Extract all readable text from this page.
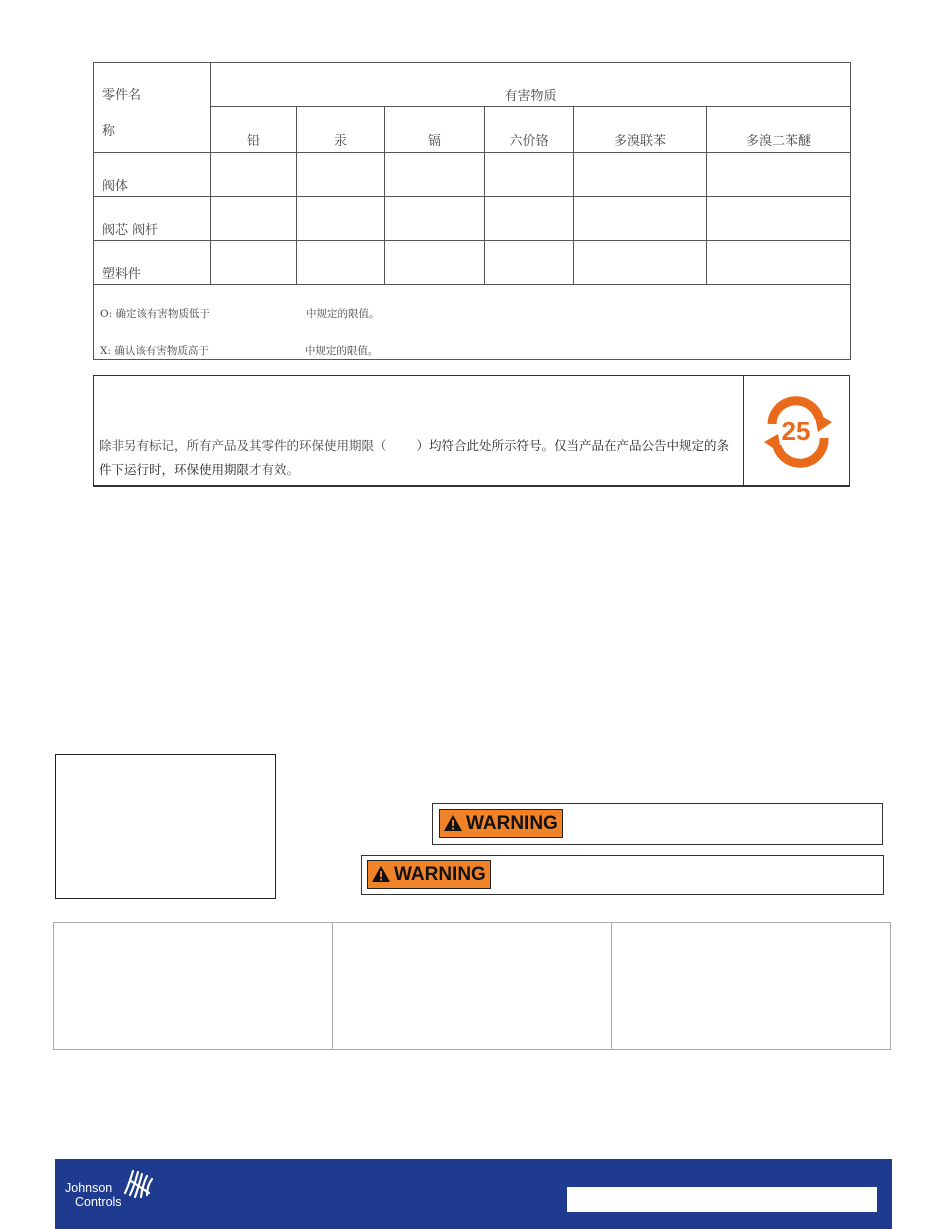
零件名
称	有害物质					
	铅	汞	镉	六价铬	多溴联苯	多溴二苯醚
阀体						
阀芯 阀杆						
塑料件						

O: 确定该有害物质低于 中规定的限值。
X: 确认该有害物质高于 中规定的限值。						
除非另有标记，所有产品及其零件的环保使用期限（ ）均符合此处所示符号。仅当产品在产品公告中规定的条件下运行时，环保使用期限才有效。
25
WARNING
WARNING
Johnson
Controls
